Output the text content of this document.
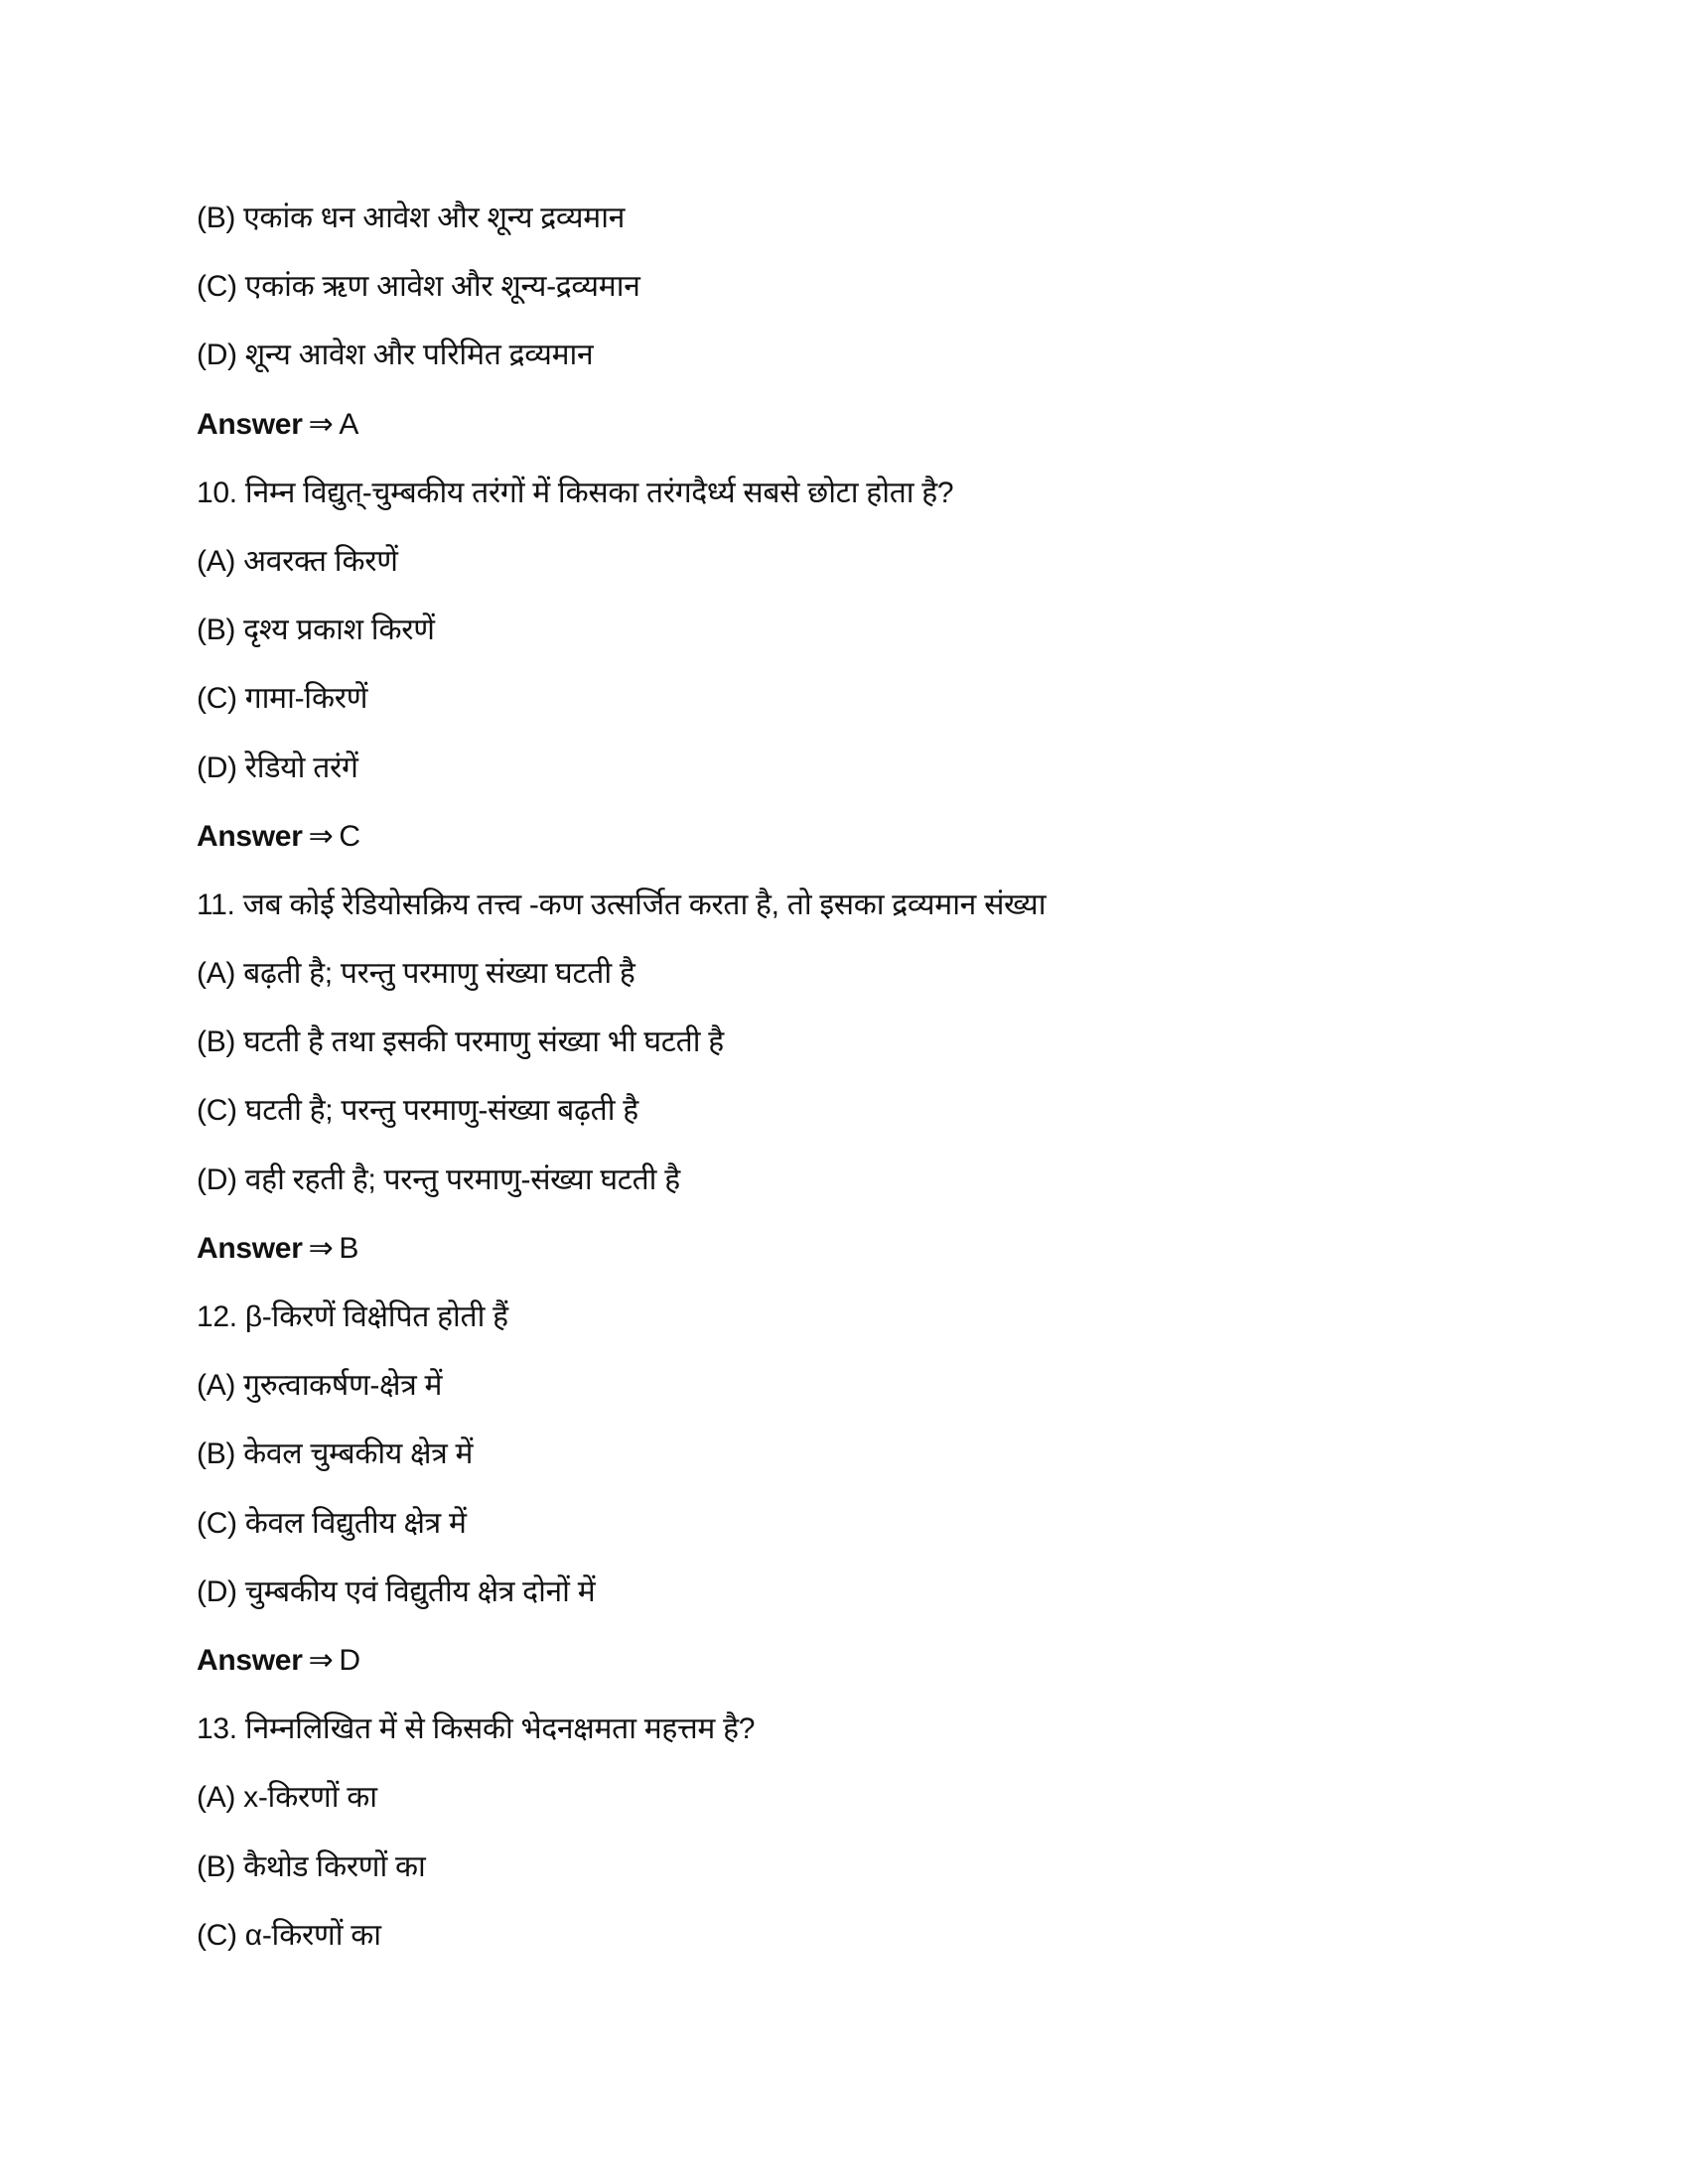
(B) एकांक धन आवेश और शून्य द्रव्यमान
(C) एकांक ऋण आवेश और शून्य-द्रव्यमान
(D) शून्य आवेश और परिमित द्रव्यमान
Answer ⇒ A
10. निम्न विद्युत्-चुम्बकीय तरंगों में किसका तरंगदैर्ध्य सबसे छोटा होता है?
(A) अवरक्त किरणें
(B) दृश्य प्रकाश किरणें
(C) गामा-किरणें
(D) रेडियो तरंगें
Answer ⇒ C
11. जब कोई रेडियोसक्रिय तत्त्व -कण उत्सर्जित करता है, तो इसका द्रव्यमान संख्या
(A) बढ़ती है; परन्तु परमाणु संख्या घटती है
(B) घटती है तथा इसकी परमाणु संख्या भी घटती है
(C) घटती है; परन्तु परमाणु-संख्या बढ़ती है
(D) वही रहती है; परन्तु परमाणु-संख्या घटती है
Answer ⇒ B
12. β-किरणें विक्षेपित होती हैं
(A) गुरुत्वाकर्षण-क्षेत्र में
(B) केवल चुम्बकीय क्षेत्र में
(C) केवल विद्युतीय क्षेत्र में
(D) चुम्बकीय एवं विद्युतीय क्षेत्र दोनों में
Answer ⇒ D
13. निम्नलिखित में से किसकी भेदनक्षमता महत्तम है?
(A) x-किरणों का
(B) कैथोड किरणों का
(C) α-किरणों का
